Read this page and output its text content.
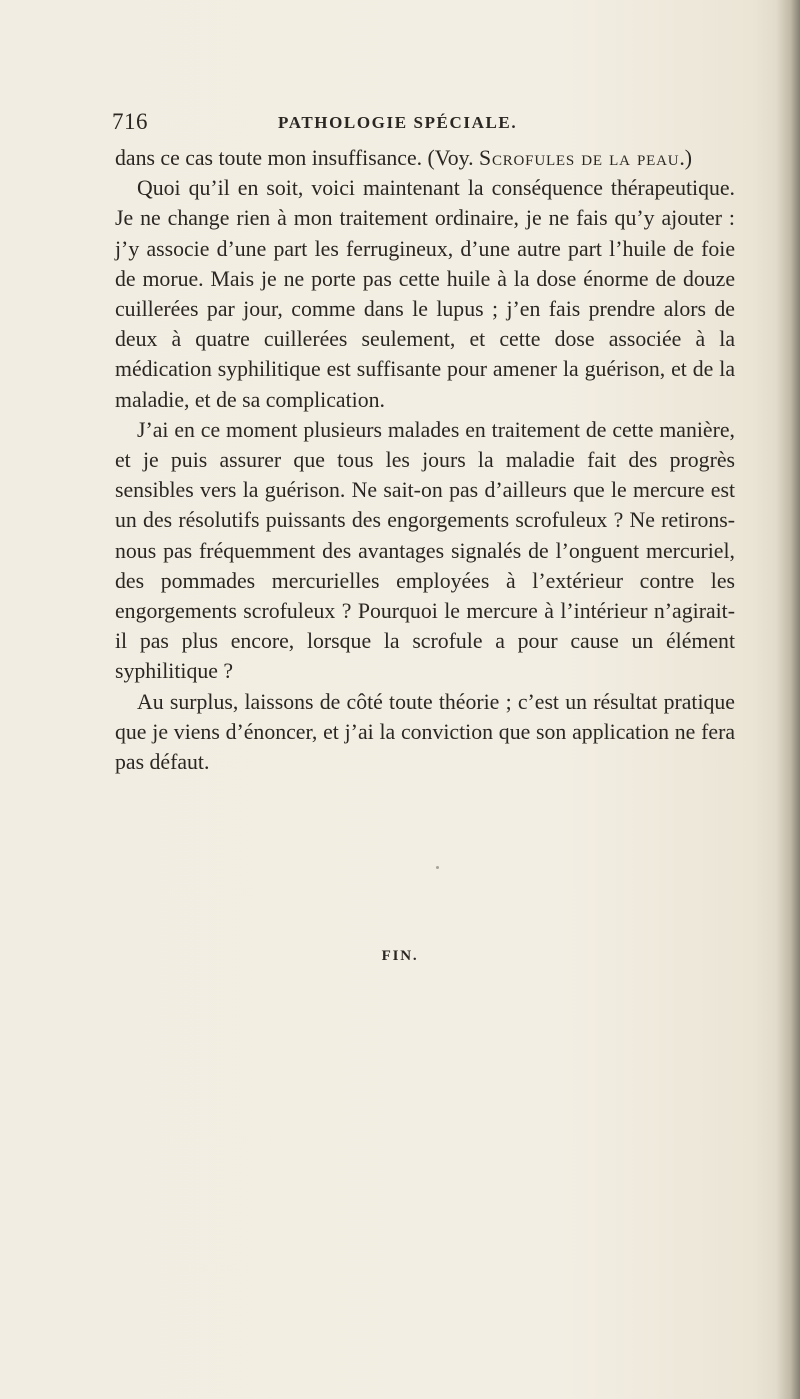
716	PATHOLOGIE SPÉCIALE.

dans ce cas toute mon insuffisance. (Voy. Scrofules de la peau.)

Quoi qu’il en soit, voici maintenant la conséquence thérapeutique. Je ne change rien à mon traitement ordinaire, je ne fais qu’y ajouter : j’y associe d’une part les ferrugineux, d’une autre part l’huile de foie de morue. Mais je ne porte pas cette huile à la dose énorme de douze cuillerées par jour, comme dans le lupus ; j’en fais prendre alors de deux à quatre cuillerées seulement, et cette dose associée à la médication syphilitique est suffisante pour amener la guérison, et de la maladie, et de sa complication.

J’ai en ce moment plusieurs malades en traitement de cette manière, et je puis assurer que tous les jours la maladie fait des progrès sensibles vers la guérison. Ne sait-on pas d’ailleurs que le mercure est un des résolutifs puissants des engorgements scrofuleux ? Ne retirons-nous pas fréquemment des avantages signalés de l’onguent mercuriel, des pommades mercurielles employées à l’extérieur contre les engorgements scrofuleux ? Pourquoi le mercure à l’intérieur n’agirait-il pas plus encore, lorsque la scrofule a pour cause un élément syphilitique ?

Au surplus, laissons de côté toute théorie ; c’est un résultat pratique que je viens d’énoncer, et j’ai la conviction que son application ne fera pas défaut.

FIN.
